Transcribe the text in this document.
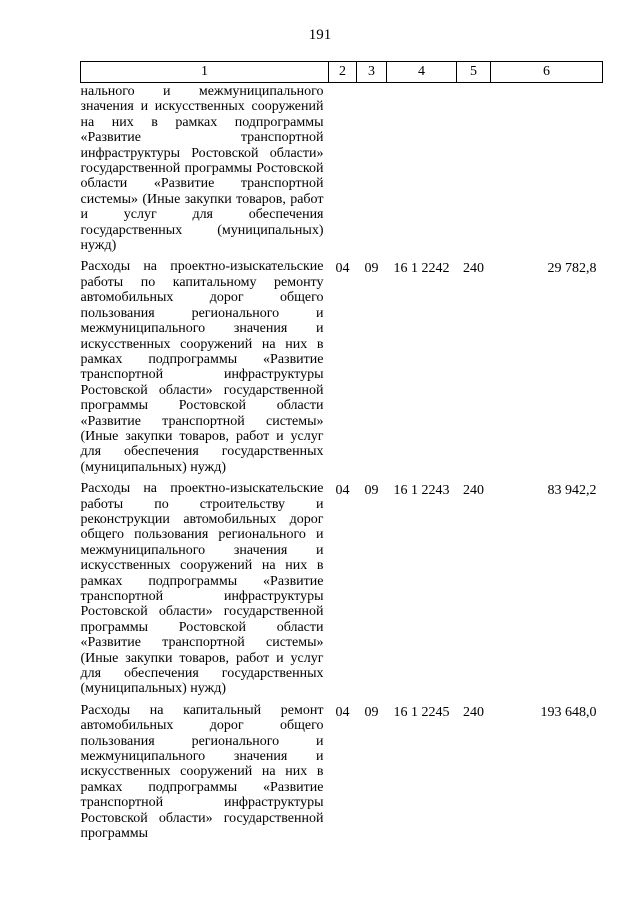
191
1	2	3	4	5	6
нального и межмуниципального значения и искусственных сооружений на них в рамках подпрограммы «Развитие транспортной инфраструктуры Ростовской области» государственной программы Ростовской области «Развитие транспортной системы» (Иные закупки товаров, работ и услуг для обеспечения государственных (муниципальных) нужд)					
Расходы на проектно-изыскательские работы по капитальному ремонту автомобильных дорог общего пользования регионального и межмуниципального значения и искусственных сооружений на них в рамках подпрограммы «Развитие транспортной инфраструктуры Ростовской области» государственной программы Ростовской области «Развитие транспортной системы» (Иные закупки товаров, работ и услуг для обеспечения государственных (муниципальных) нужд)	04	09	16 1 2242	240	29 782,8
Расходы на проектно-изыскательские работы по строительству и реконструкции автомобильных дорог общего пользования регионального и межмуниципального значения и искусственных сооружений на них в рамках подпрограммы «Развитие транспортной инфраструктуры Ростовской области» государственной программы Ростовской области «Развитие транспортной системы» (Иные закупки товаров, работ и услуг для обеспечения государственных (муниципальных) нужд)	04	09	16 1 2243	240	83 942,2
Расходы на капитальный ремонт автомобильных дорог общего пользования регионального и межмуниципального значения и искусственных сооружений на них в рамках подпрограммы «Развитие транспортной инфраструктуры Ростовской области» государственной программы	04	09	16 1 2245	240	193 648,0
